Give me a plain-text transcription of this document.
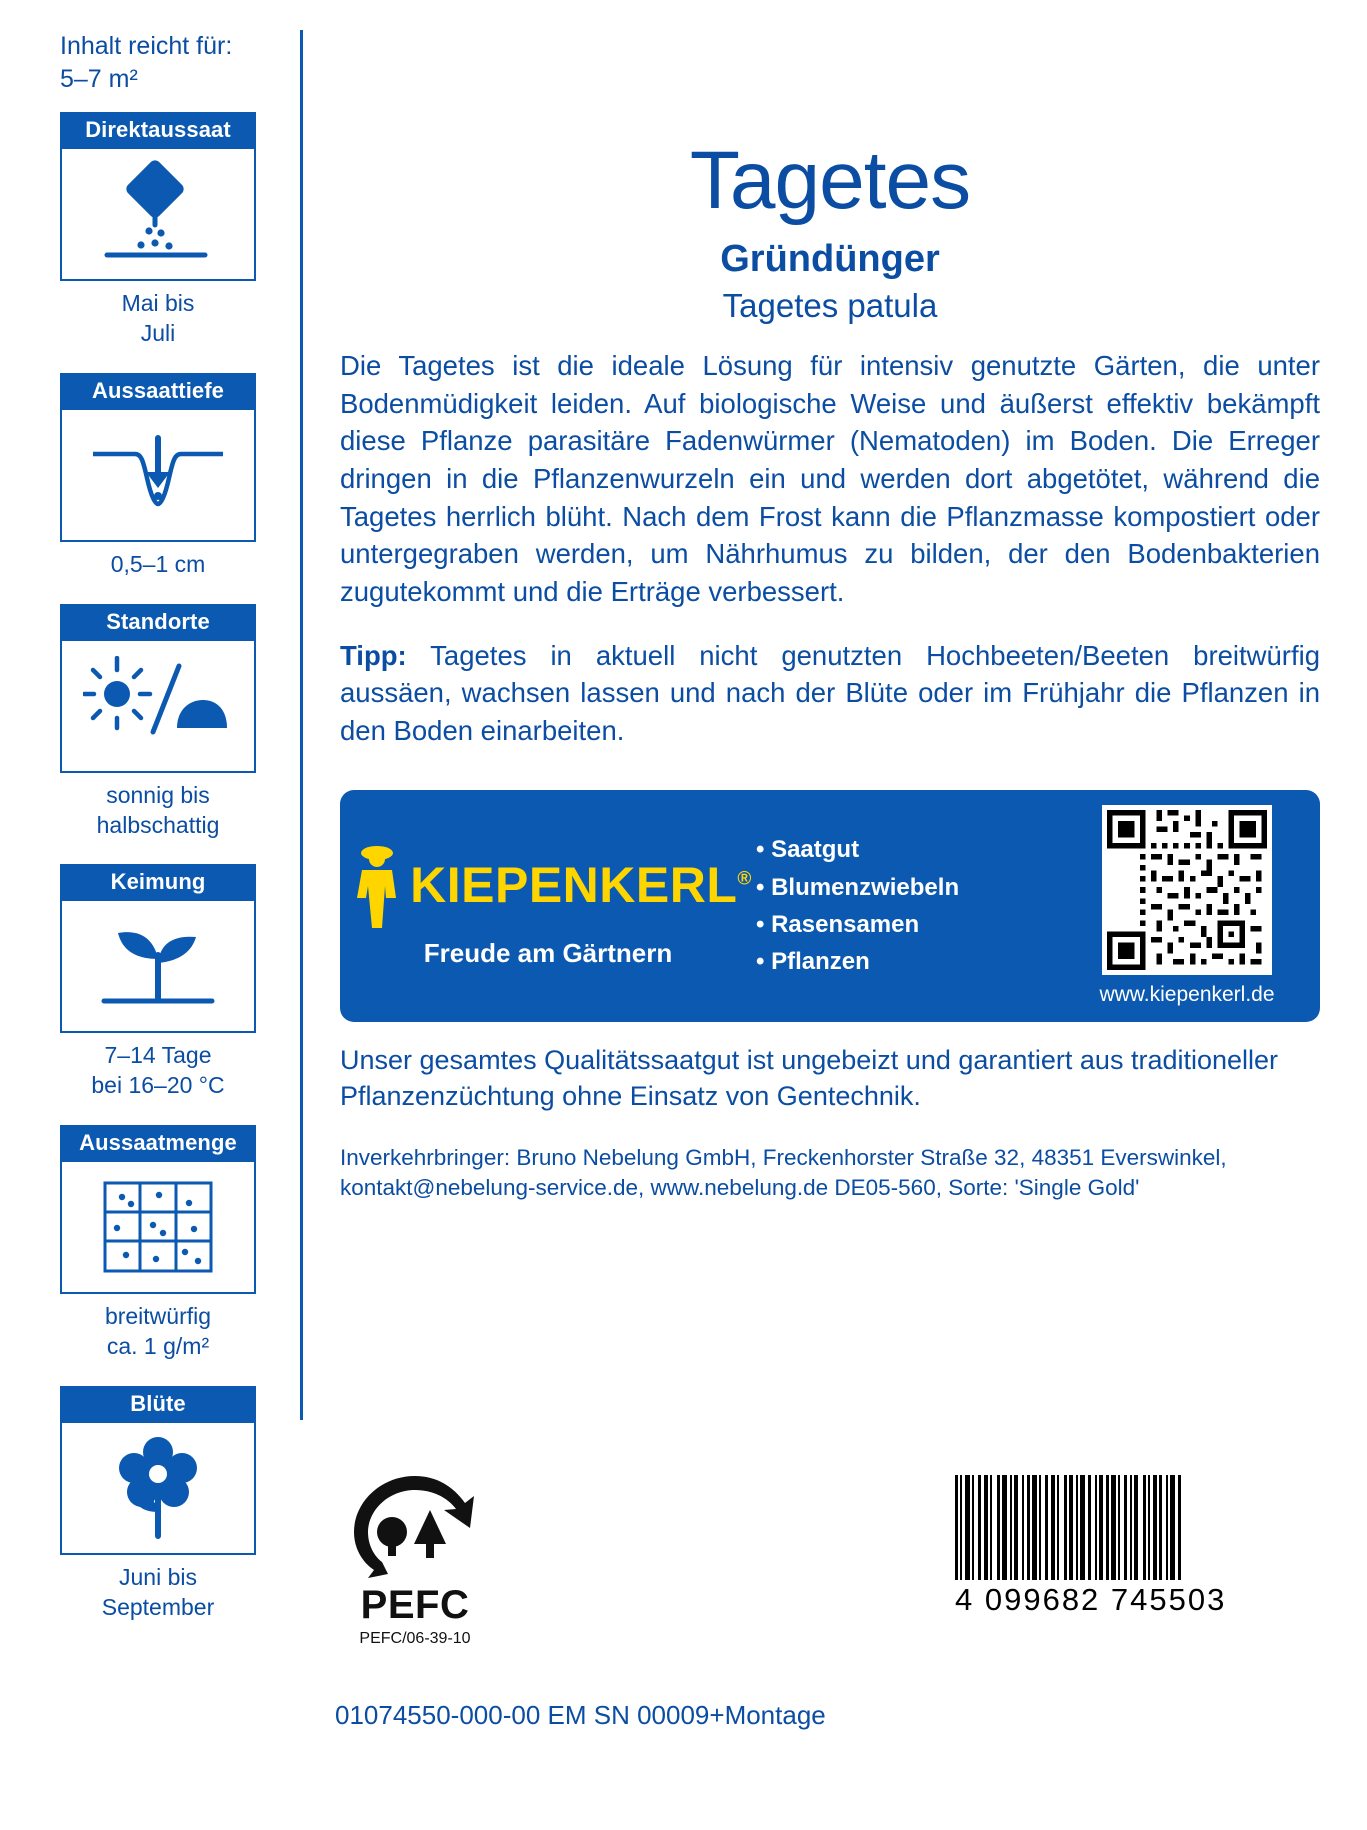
Inhalt reicht für:
5–7 m²
Direktaussaat
Mai bis
Juli
Aussaattiefe
0,5–1 cm
Standorte
sonnig bis
halbschattig
Keimung
7–14 Tage
bei 16–20 °C
Aussaatmenge
breitwürfig
ca. 1 g/m²
Blüte
Juni bis
September
Tagetes
Gründünger
Tagetes patula

Die Tagetes ist die ideale Lösung für intensiv genutzte Gärten, die unter Bodenmüdigkeit leiden. Auf biologische Weise und äußerst effektiv bekämpft diese Pflanze parasitäre Fadenwürmer (Nematoden) im Boden. Die Erreger dringen in die Pflanzenwurzeln ein und werden dort abgetötet, während die Tagetes herrlich blüht. Nach dem Frost kann die Pflanzmasse kompostiert oder untergegraben werden, um Nährhumus zu bilden, der den Bodenbakterien zugutekommt und die Erträge verbessert.

Tipp: Tagetes in aktuell nicht genutzten Hochbeeten/Beeten breitwürfig aussäen, wachsen lassen und nach der Blüte oder im Frühjahr die Pflanzen in den Boden einarbeiten.

KIEPENKERL®
Freude am Gärtnern
• Saatgut
• Blumenzwiebeln
• Rasensamen
• Pflanzen
www.kiepenkerl.de

Unser gesamtes Qualitätssaatgut ist ungebeizt und garantiert aus traditioneller Pflanzenzüchtung ohne Einsatz von Gentechnik.

Inverkehrbringer: Bruno Nebelung GmbH, Freckenhorster Straße 32, 48351 Everswinkel, kontakt@nebelung-service.de, www.nebelung.de DE05-560, Sorte: 'Single Gold'

PEFC
PEFC/06-39-10
4 099682 745503
01074550-000-00 EM SN 00009+Montage
